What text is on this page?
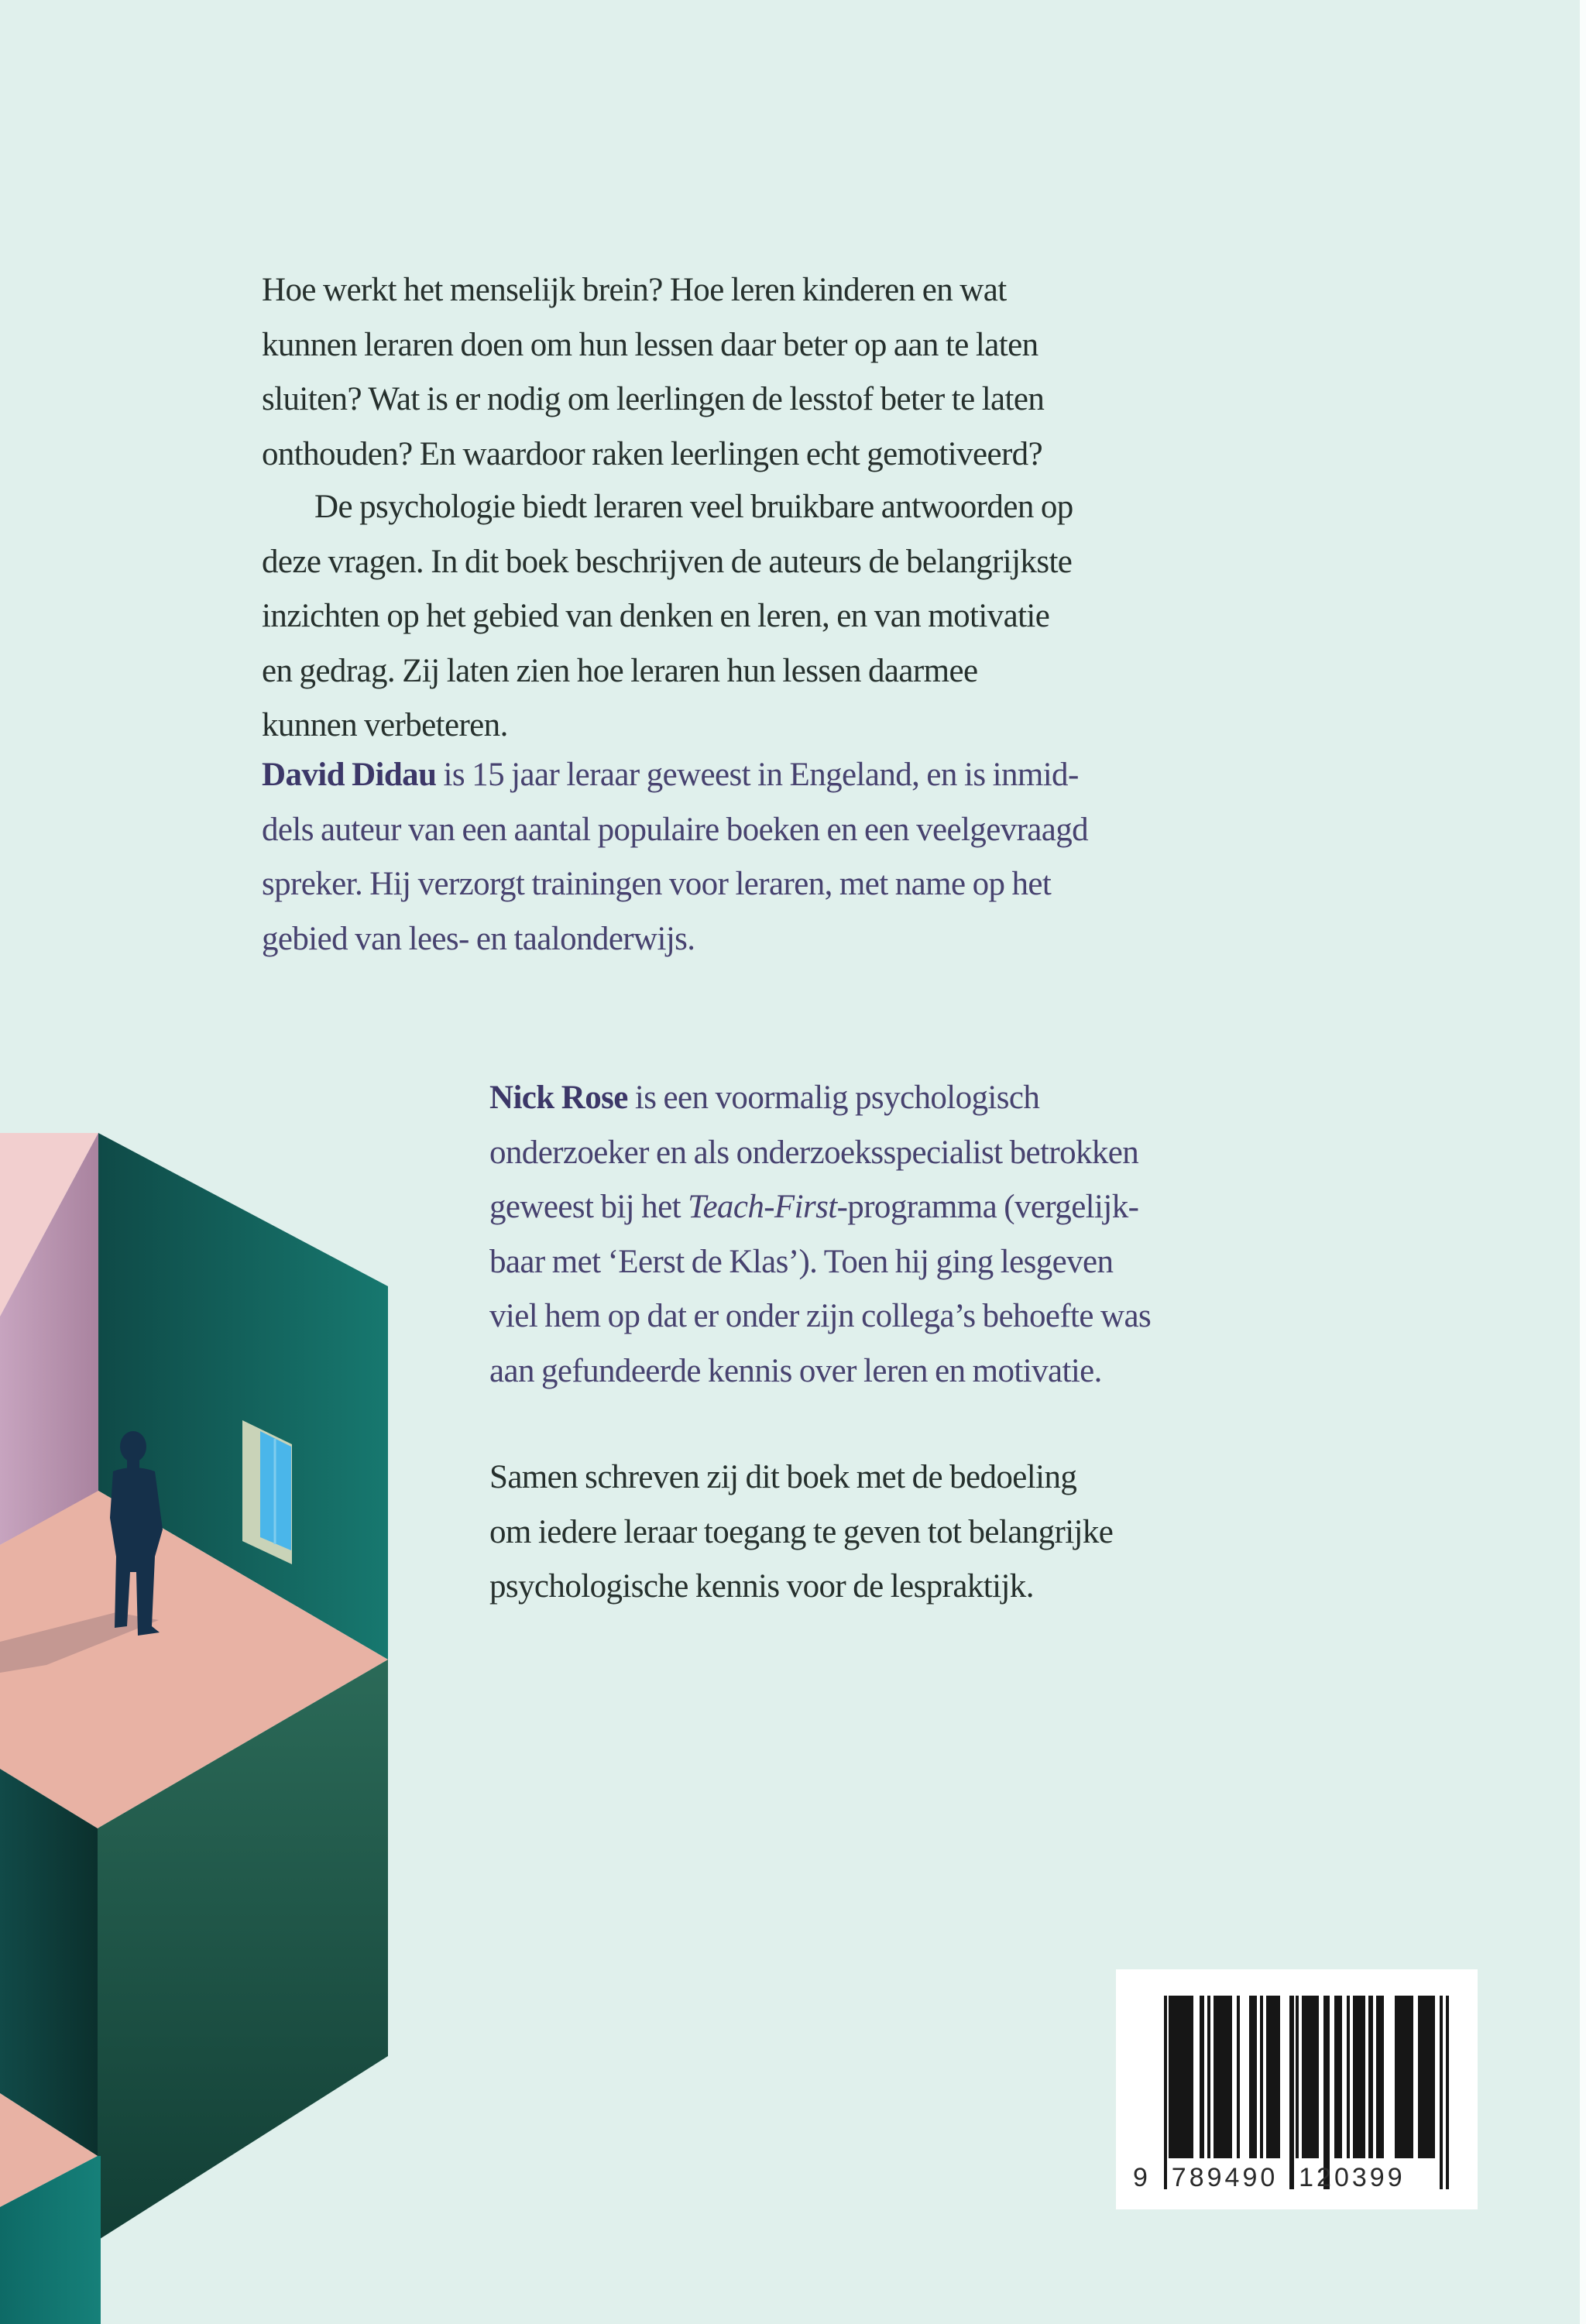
Hoe werkt het menselijk brein? Hoe leren kinderen en wat
kunnen leraren doen om hun lessen daar beter op aan te laten
sluiten? Wat is er nodig om leerlingen de lesstof beter te laten
onthouden? En waardoor raken leerlingen echt gemotiveerd?
De psychologie biedt leraren veel bruikbare antwoorden op
deze vragen. In dit boek beschrijven de auteurs de belangrijkste
inzichten op het gebied van denken en leren, en van motivatie
en gedrag. Zij laten zien hoe leraren hun lessen daarmee
kunnen verbeteren.
David Didau is 15 jaar leraar geweest in Engeland, en is inmid-
dels auteur van een aantal populaire boeken en een veelgevraagd
spreker. Hij verzorgt trainingen voor leraren, met name op het
gebied van lees- en taalonderwijs.
Nick Rose is een voormalig psychologisch
onderzoeker en als onderzoeksspecialist betrokken
geweest bij het Teach-First-programma (vergelijk-
baar met ‘Eerst de Klas’). Toen hij ging lesgeven
viel hem op dat er onder zijn collega’s behoefte was
aan gefundeerde kennis over leren en motivatie.
Samen schreven zij dit boek met de bedoeling
om iedere leraar toegang te geven tot belangrijke
psychologische kennis voor de lespraktijk.
9  789490  120399
